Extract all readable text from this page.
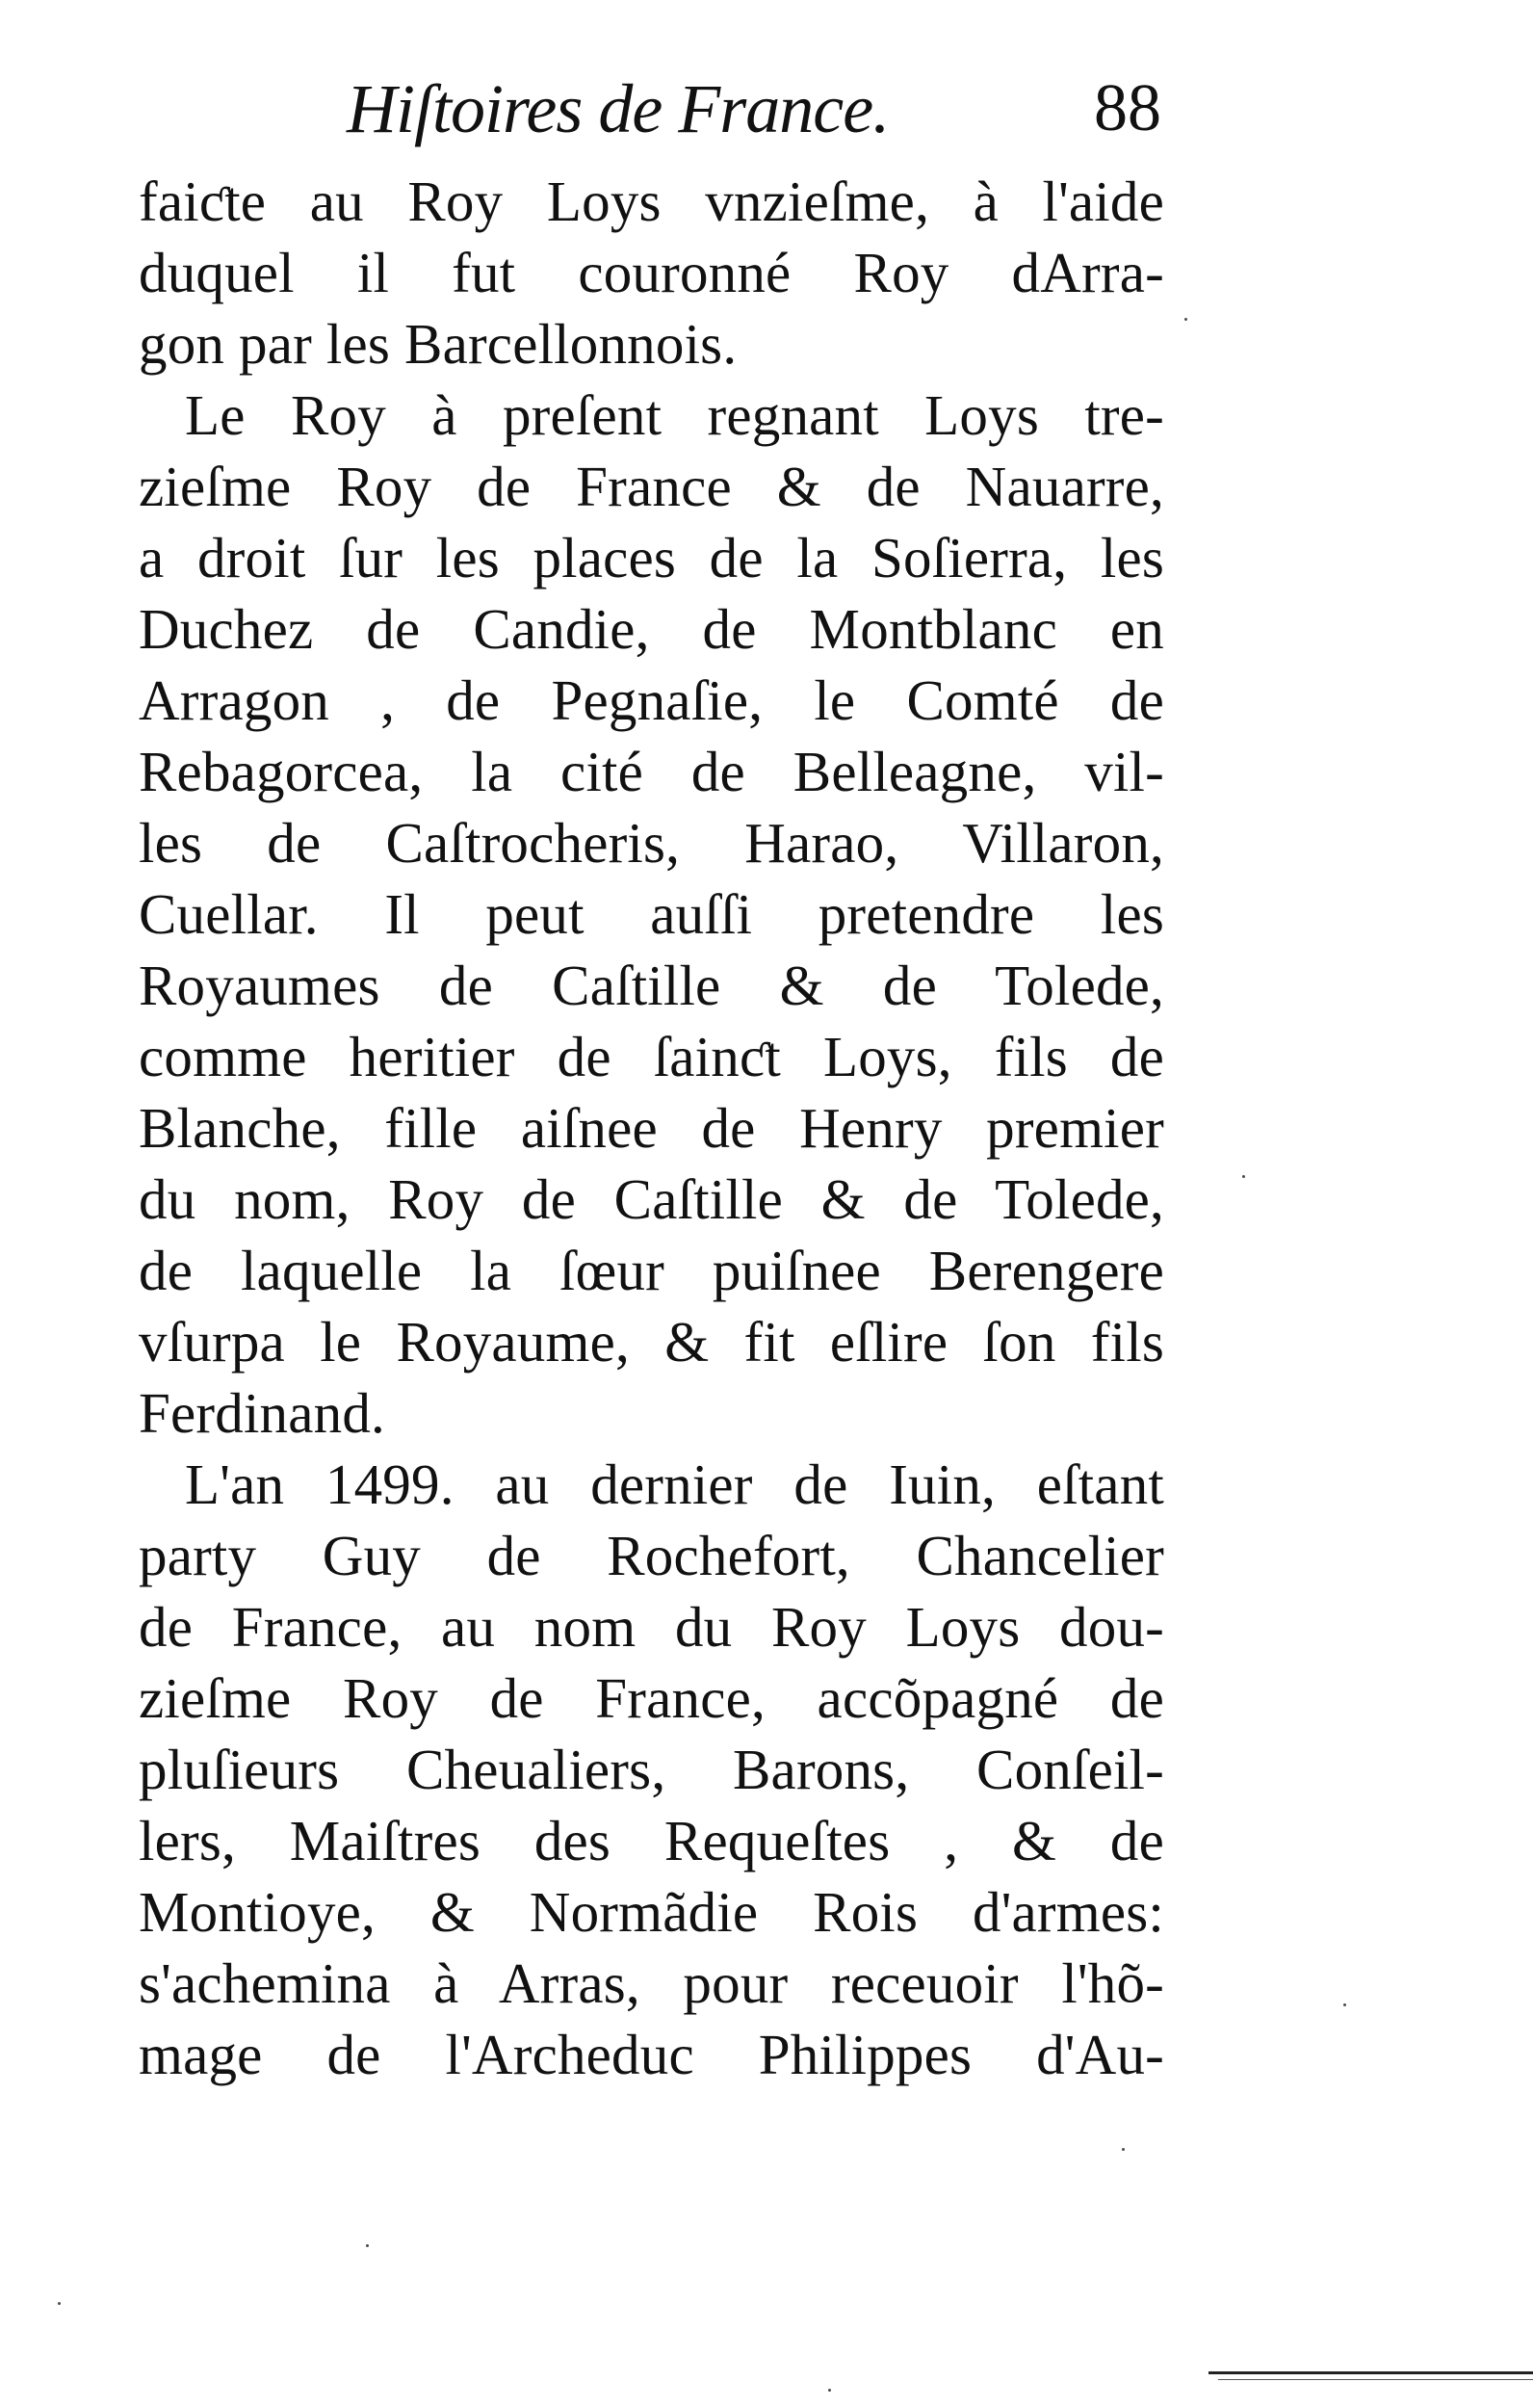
Hiſtoires de France.	88
faiƈte au Roy Loys vnzieſme, à l'aide
duquel il fut couronné Roy dArra-
gon par les Barcellonnois.
Le Roy à preſent regnant Loys tre-
zieſme Roy de France & de Nauarre,
a droit ſur les places de la Soſierra, les
Duchez de Candie, de Montblanc en
Arragon , de Pegnaſie, le Comté de
Rebagorcea, la cité de Belleagne, vil-
les de Caſtrocheris, Harao, Villaron,
Cuellar. Il peut auſſi pretendre les
Royaumes de Caſtille & de Tolede,
comme heritier de ſainƈt Loys, fils de
Blanche, fille aiſnee de Henry premier
du nom, Roy de Caſtille & de Tolede,
de laquelle la ſœur puiſnee Berengere
vſurpa le Royaume, & fit eſlire ſon fils
Ferdinand.
L'an 1499. au dernier de Iuin, eſtant
party Guy de Rochefort, Chancelier
de France, au nom du Roy Loys dou-
zieſme Roy de France, accõpagné de
pluſieurs Cheualiers, Barons, Conſeil-
lers, Maiſtres des Requeſtes , & de
Montioye, & Normãdie Rois d'armes:
s'achemina à Arras, pour receuoir l'hõ-
mage de l'Archeduc Philippes d'Au-
